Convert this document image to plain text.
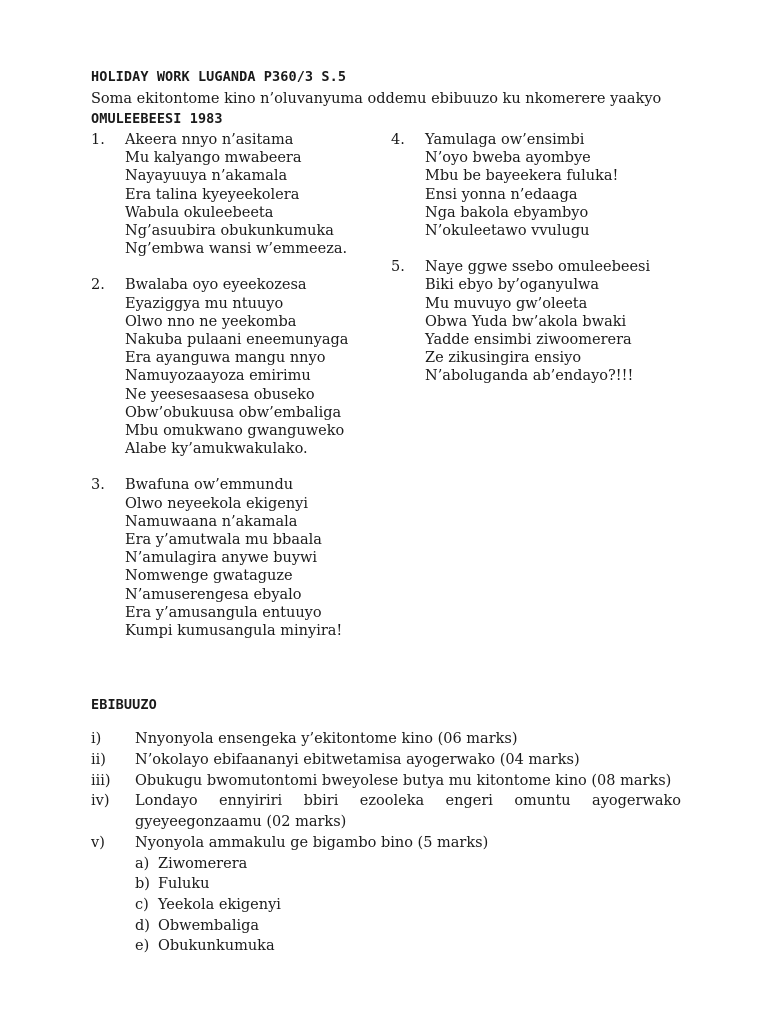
HOLIDAY WORK LUGANDA P360/3 S.5
Soma ekitontome kino n’oluvanyuma oddemu ebibuuzo ku nkomerere yaakyo
OMULEEBEESI 1983
1.	Akeera nnyo n’asitama
Mu kalyango mwabeera
Nayayuuya n’akamala
Era talina kyeyeekolera
Wabula okuleebeeta
Ng’asuubira obukunkumuka
Ng’embwa wansi w’emmeeza.
2.	Bwalaba oyo eyeekozesa
Eyaziggya mu ntuuyo
Olwo nno ne yeekomba
Nakuba pulaani eneemunyaga
Era ayanguwa mangu nnyo
Namuyozaayoza emirimu
Ne yeesesaasesa obuseko
Obw’obukuusa obw’embaliga
Mbu omukwano gwanguweko
Alabe ky’amukwakulako.
3.	Bwafuna ow’emmundu
Olwo neyeekola ekigenyi
Namuwaana n’akamala
Era y’amutwala mu bbaala
N’amulagira anywe buywi
Nomwenge gwataguze
N’amuserengesa ebyalo
Era y’amusangula entuuyo
Kumpi kumusangula minyira!
4.	Yamulaga ow’ensimbi
N’oyo bweba ayombye
Mbu be bayeekera fuluka!
Ensi yonna n’edaaga
Nga bakola ebyambyo
N’okuleetawo vvulugu
5.	Naye ggwe ssebo omuleebeesi
Biki ebyo by’oganyulwa
Mu muvuyo gw’oleeta
Obwa Yuda bw’akola bwaki
Yadde ensimbi ziwoomerera
Ze zikusingira ensiyo
N’aboluganda ab’endayo?!!!
EBIBUUZO
i)	Nnyonyola ensengeka y’ekitontome kino (06 marks)
ii)	N’okolayo ebifaananyi ebitwetamisa ayogerwako (04 marks)
iii)	Obukugu bwomutontomi bweyolese butya mu kitontome kino (08 marks)
iv)	Londayo ennyiriri bbiri ezooleka engeri omuntu ayogerwako
gyeyeegonzaamu (02 marks)
v)	Nyonyola ammakulu ge bigambo bino (5 marks)
a) Ziwomerera
b) Fuluku
c) Yeekola ekigenyi
d) Obwembaliga
e) Obukunkumuka
